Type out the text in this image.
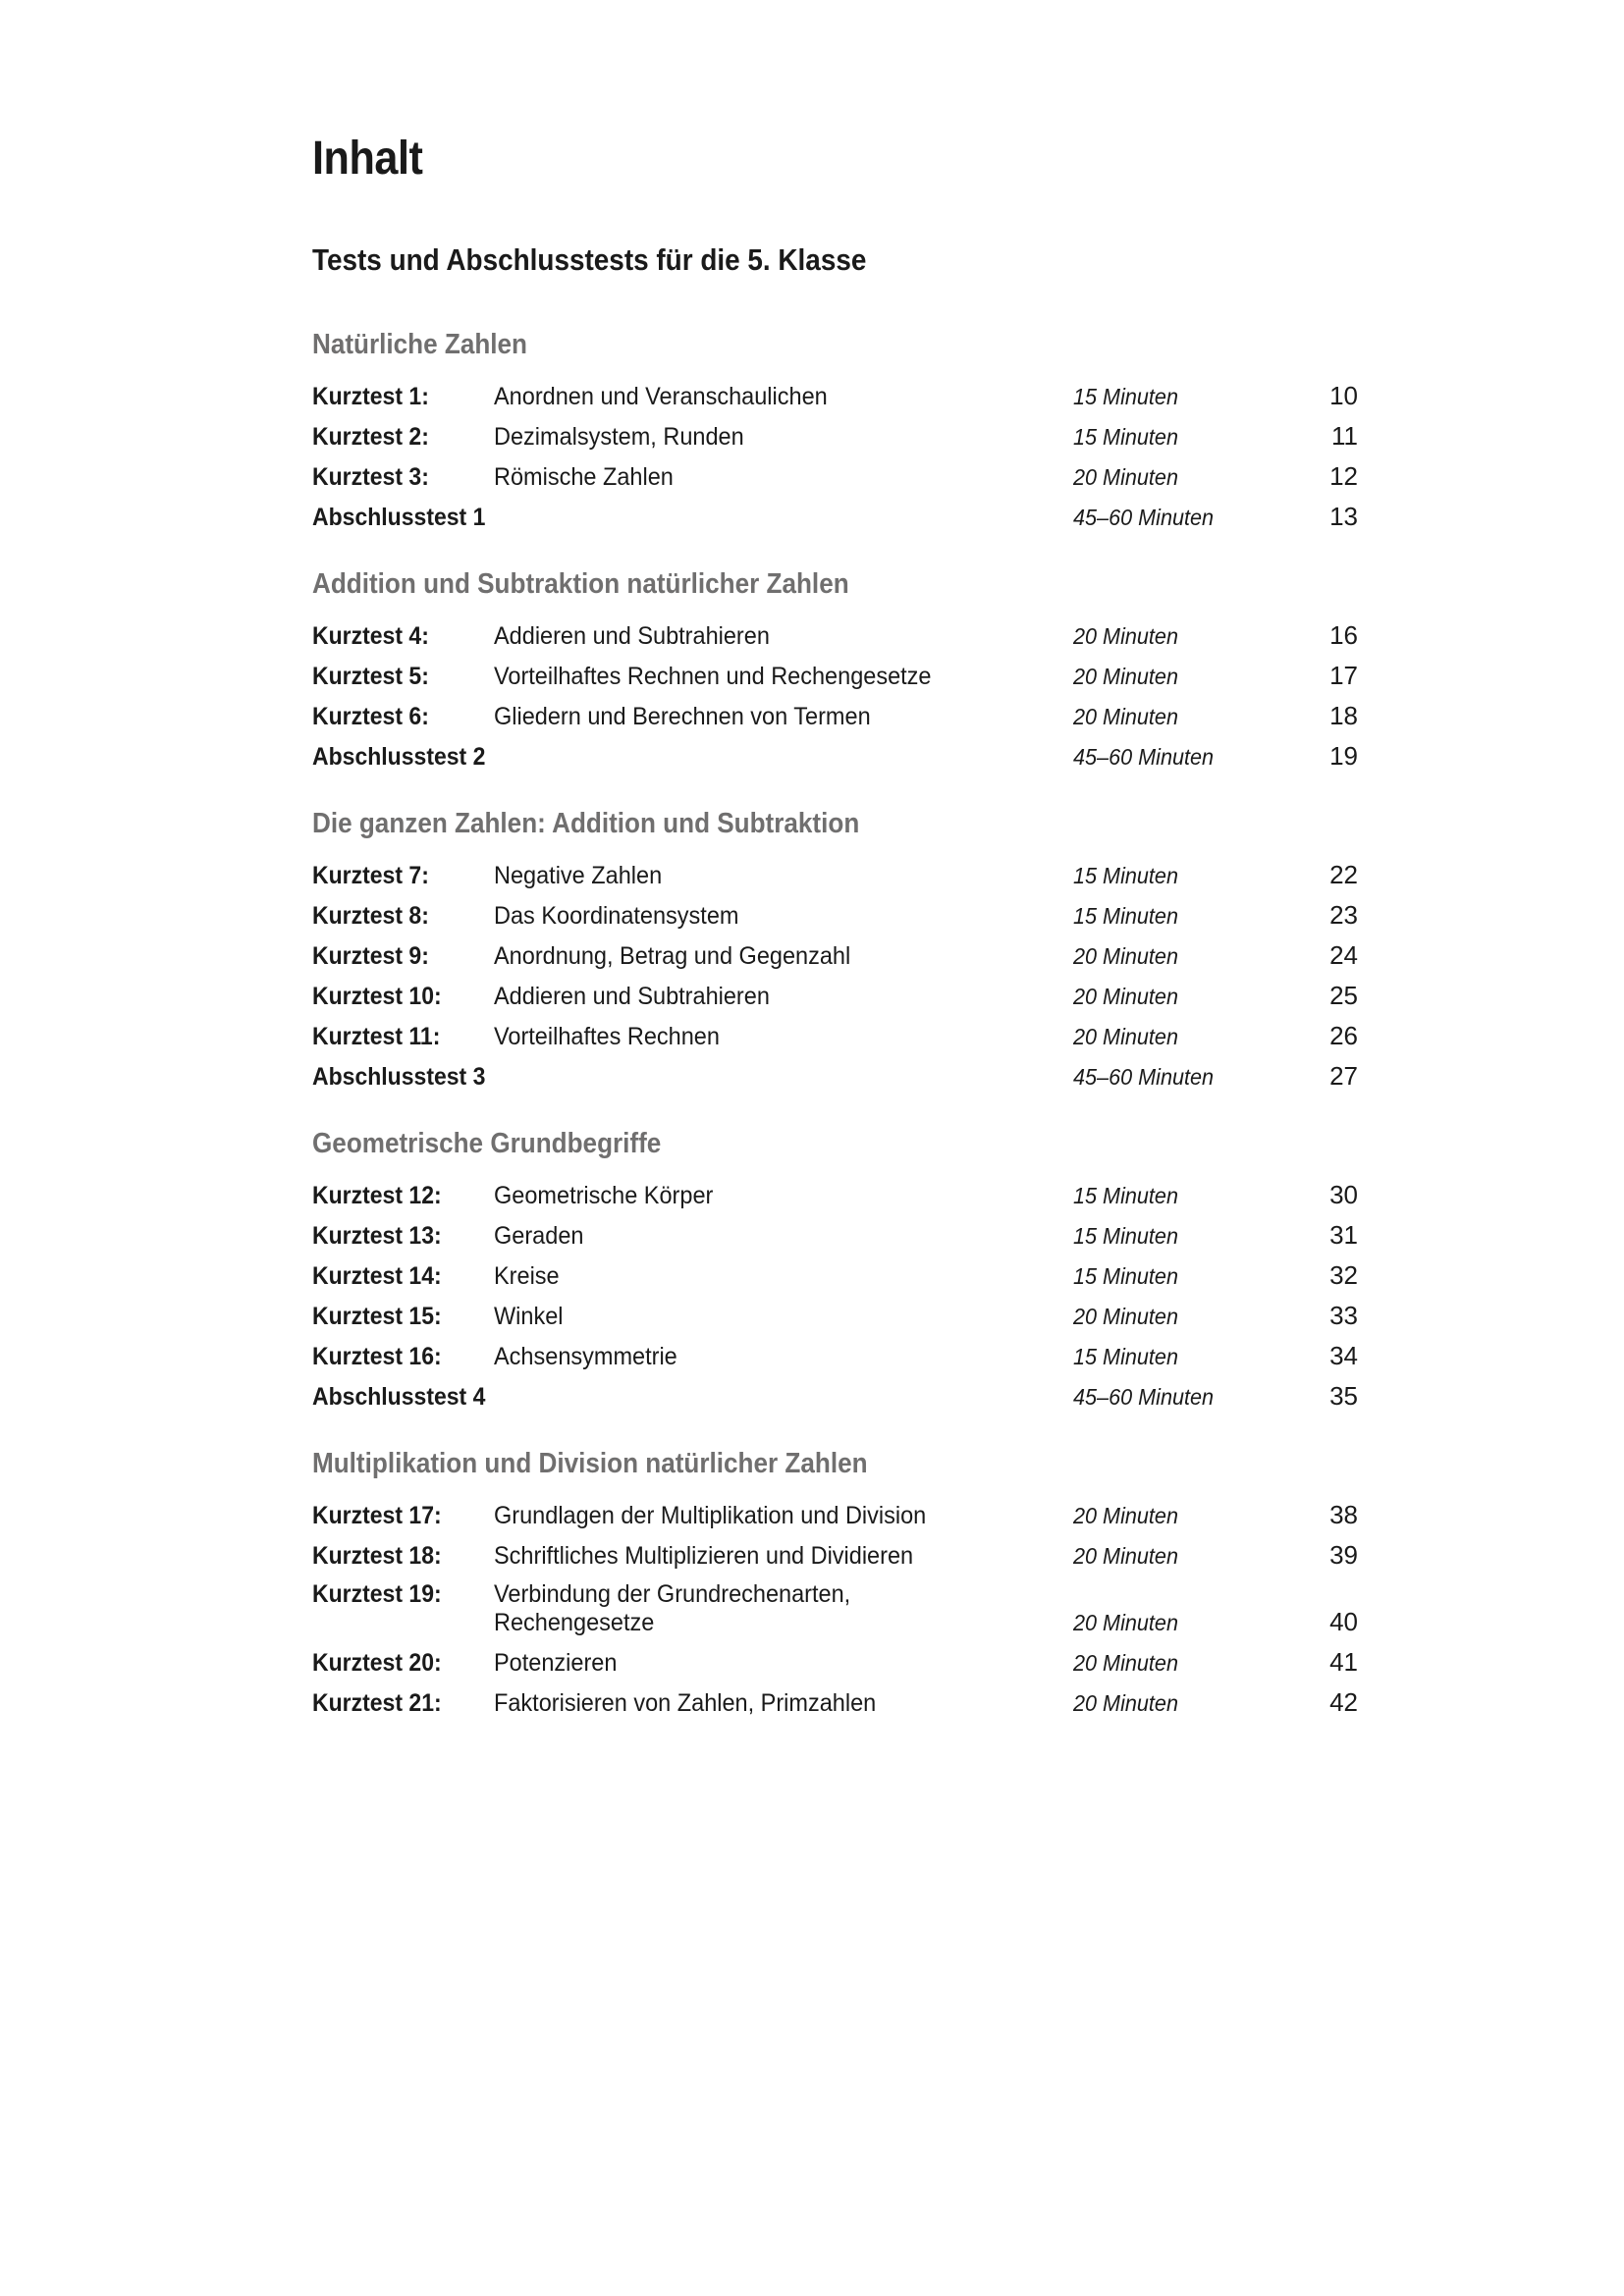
Inhalt
Tests und Abschlusstests für die 5. Klasse
Natürliche Zahlen
Kurztest 1:	Anordnen und Veranschaulichen	15 Minuten	10
Kurztest 2:	Dezimalsystem, Runden	15 Minuten	11
Kurztest 3:	Römische Zahlen	20 Minuten	12
Abschlusstest 1	45–60 Minuten	13
Addition und Subtraktion natürlicher Zahlen
Kurztest 4:	Addieren und Subtrahieren	20 Minuten	16
Kurztest 5:	Vorteilhaftes Rechnen und Rechengesetze	20 Minuten	17
Kurztest 6:	Gliedern und Berechnen von Termen	20 Minuten	18
Abschlusstest 2	45–60 Minuten	19
Die ganzen Zahlen: Addition und Subtraktion
Kurztest 7:	Negative Zahlen	15 Minuten	22
Kurztest 8:	Das Koordinatensystem	15 Minuten	23
Kurztest 9:	Anordnung, Betrag und Gegenzahl	20 Minuten	24
Kurztest 10:	Addieren und Subtrahieren	20 Minuten	25
Kurztest 11:	Vorteilhaftes Rechnen	20 Minuten	26
Abschlusstest 3	45–60 Minuten	27
Geometrische Grundbegriffe
Kurztest 12:	Geometrische Körper	15 Minuten	30
Kurztest 13:	Geraden	15 Minuten	31
Kurztest 14:	Kreise	15 Minuten	32
Kurztest 15:	Winkel	20 Minuten	33
Kurztest 16:	Achsensymmetrie	15 Minuten	34
Abschlusstest 4	45–60 Minuten	35
Multiplikation und Division natürlicher Zahlen
Kurztest 17:	Grundlagen der Multiplikation und Division	20 Minuten	38
Kurztest 18:	Schriftliches Multiplizieren und Dividieren	20 Minuten	39
Kurztest 19:	Verbindung der Grundrechenarten,
Rechengesetze	20 Minuten	40
Kurztest 20:	Potenzieren	20 Minuten	41
Kurztest 21:	Faktorisieren von Zahlen, Primzahlen	20 Minuten	42
